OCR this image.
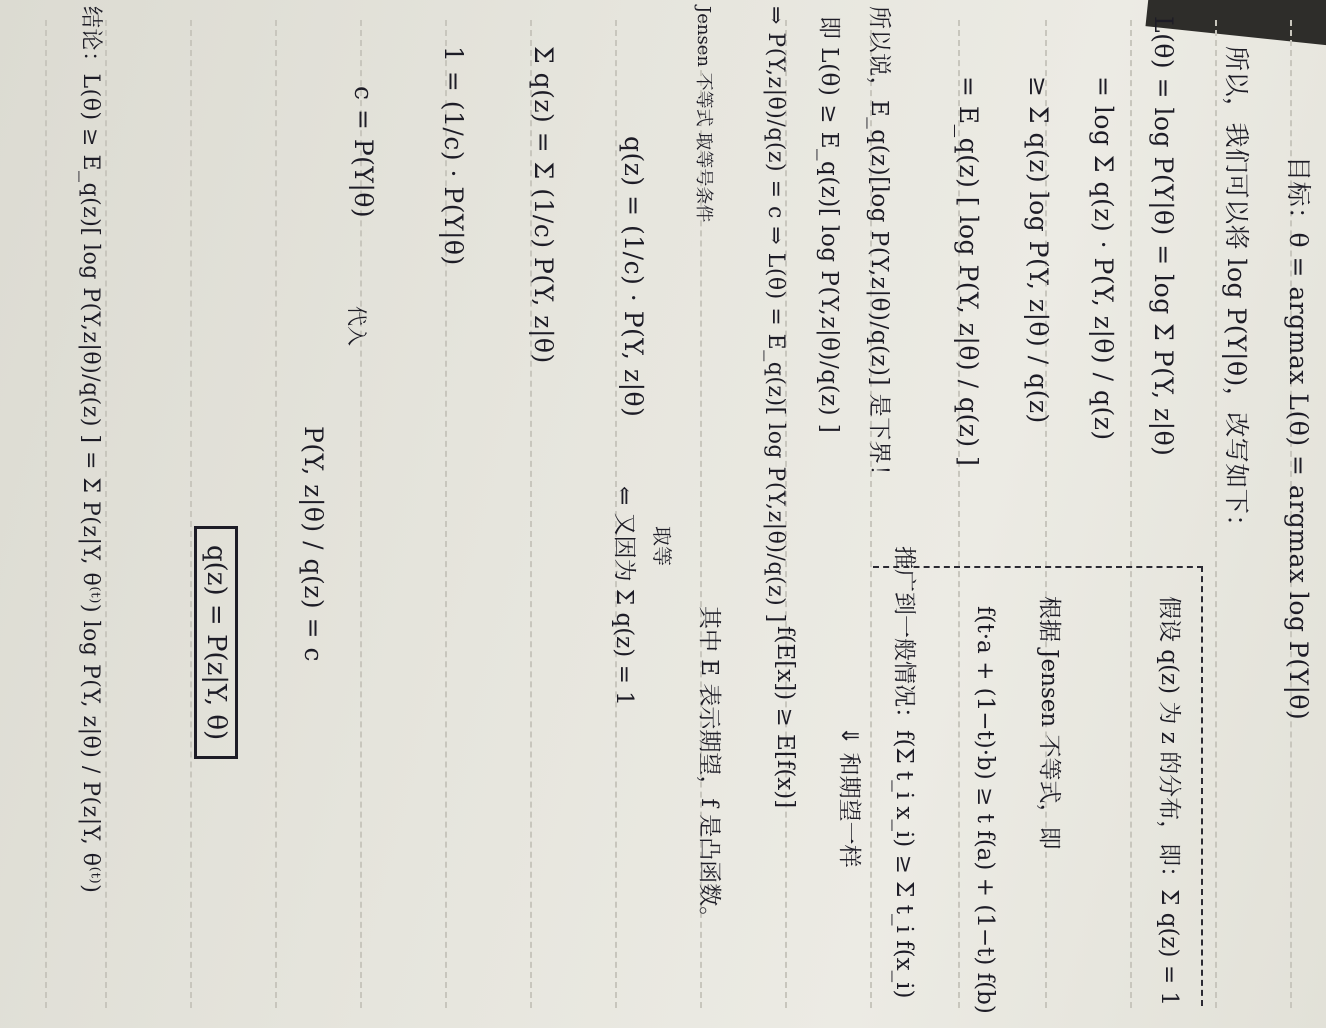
目标：θ = argmax L(θ) = argmax log P(Y|θ)
所以，我们可以将 log P(Y|θ)，改写如下：
L(θ) = log P(Y|θ) = log Σ P(Y, z|θ)
= log Σ q(z) · P(Y, z|θ) / q(z)
≥ Σ q(z) log P(Y, z|θ) / q(z)
= E_q(z) [ log P(Y, z|θ) / q(z) ]
假设 q(z) 为 z 的分布，即：Σ q(z) = 1
根据 Jensen 不等式，即
f(t·a + (1−t)·b) ≥ t f(a) + (1−t) f(b)
推广到一般情况：f(Σ t_i x_i) ≥ Σ t_i f(x_i)
⇓ 和期望一样
f(E[x]) ≥ E[f(x)]
其中 E 表示期望，f 是凸函数。
所以说，E_q(z)[log P(Y,z|θ)/q(z)] 是下界！
即 L(θ) ≥ E_q(z)[ log P(Y,z|θ)/q(z) ]
⇒ P(Y,z|θ)/q(z) = c ⇒ L(θ) = E_q(z)[ log P(Y,z|θ)/q(z) ]
Jensen 不等式 取等号条件
取等
q(z) = (1/c) · P(Y, z|θ)
⇐ 又因为 Σ q(z) = 1
Σ q(z) = Σ (1/c) P(Y, z|θ)
1 = (1/c) · P(Y|θ)
c = P(Y|θ)
代入
P(Y, z|θ) / q(z) = c
q(z) = P(z|Y, θ)
结论：L(θ) ≥ E_q(z)[ log P(Y,z|θ)/q(z) ] = Σ P(z|Y, θ⁽ᵗ⁾) log P(Y, z|θ) / P(z|Y, θ⁽ᵗ⁾)
